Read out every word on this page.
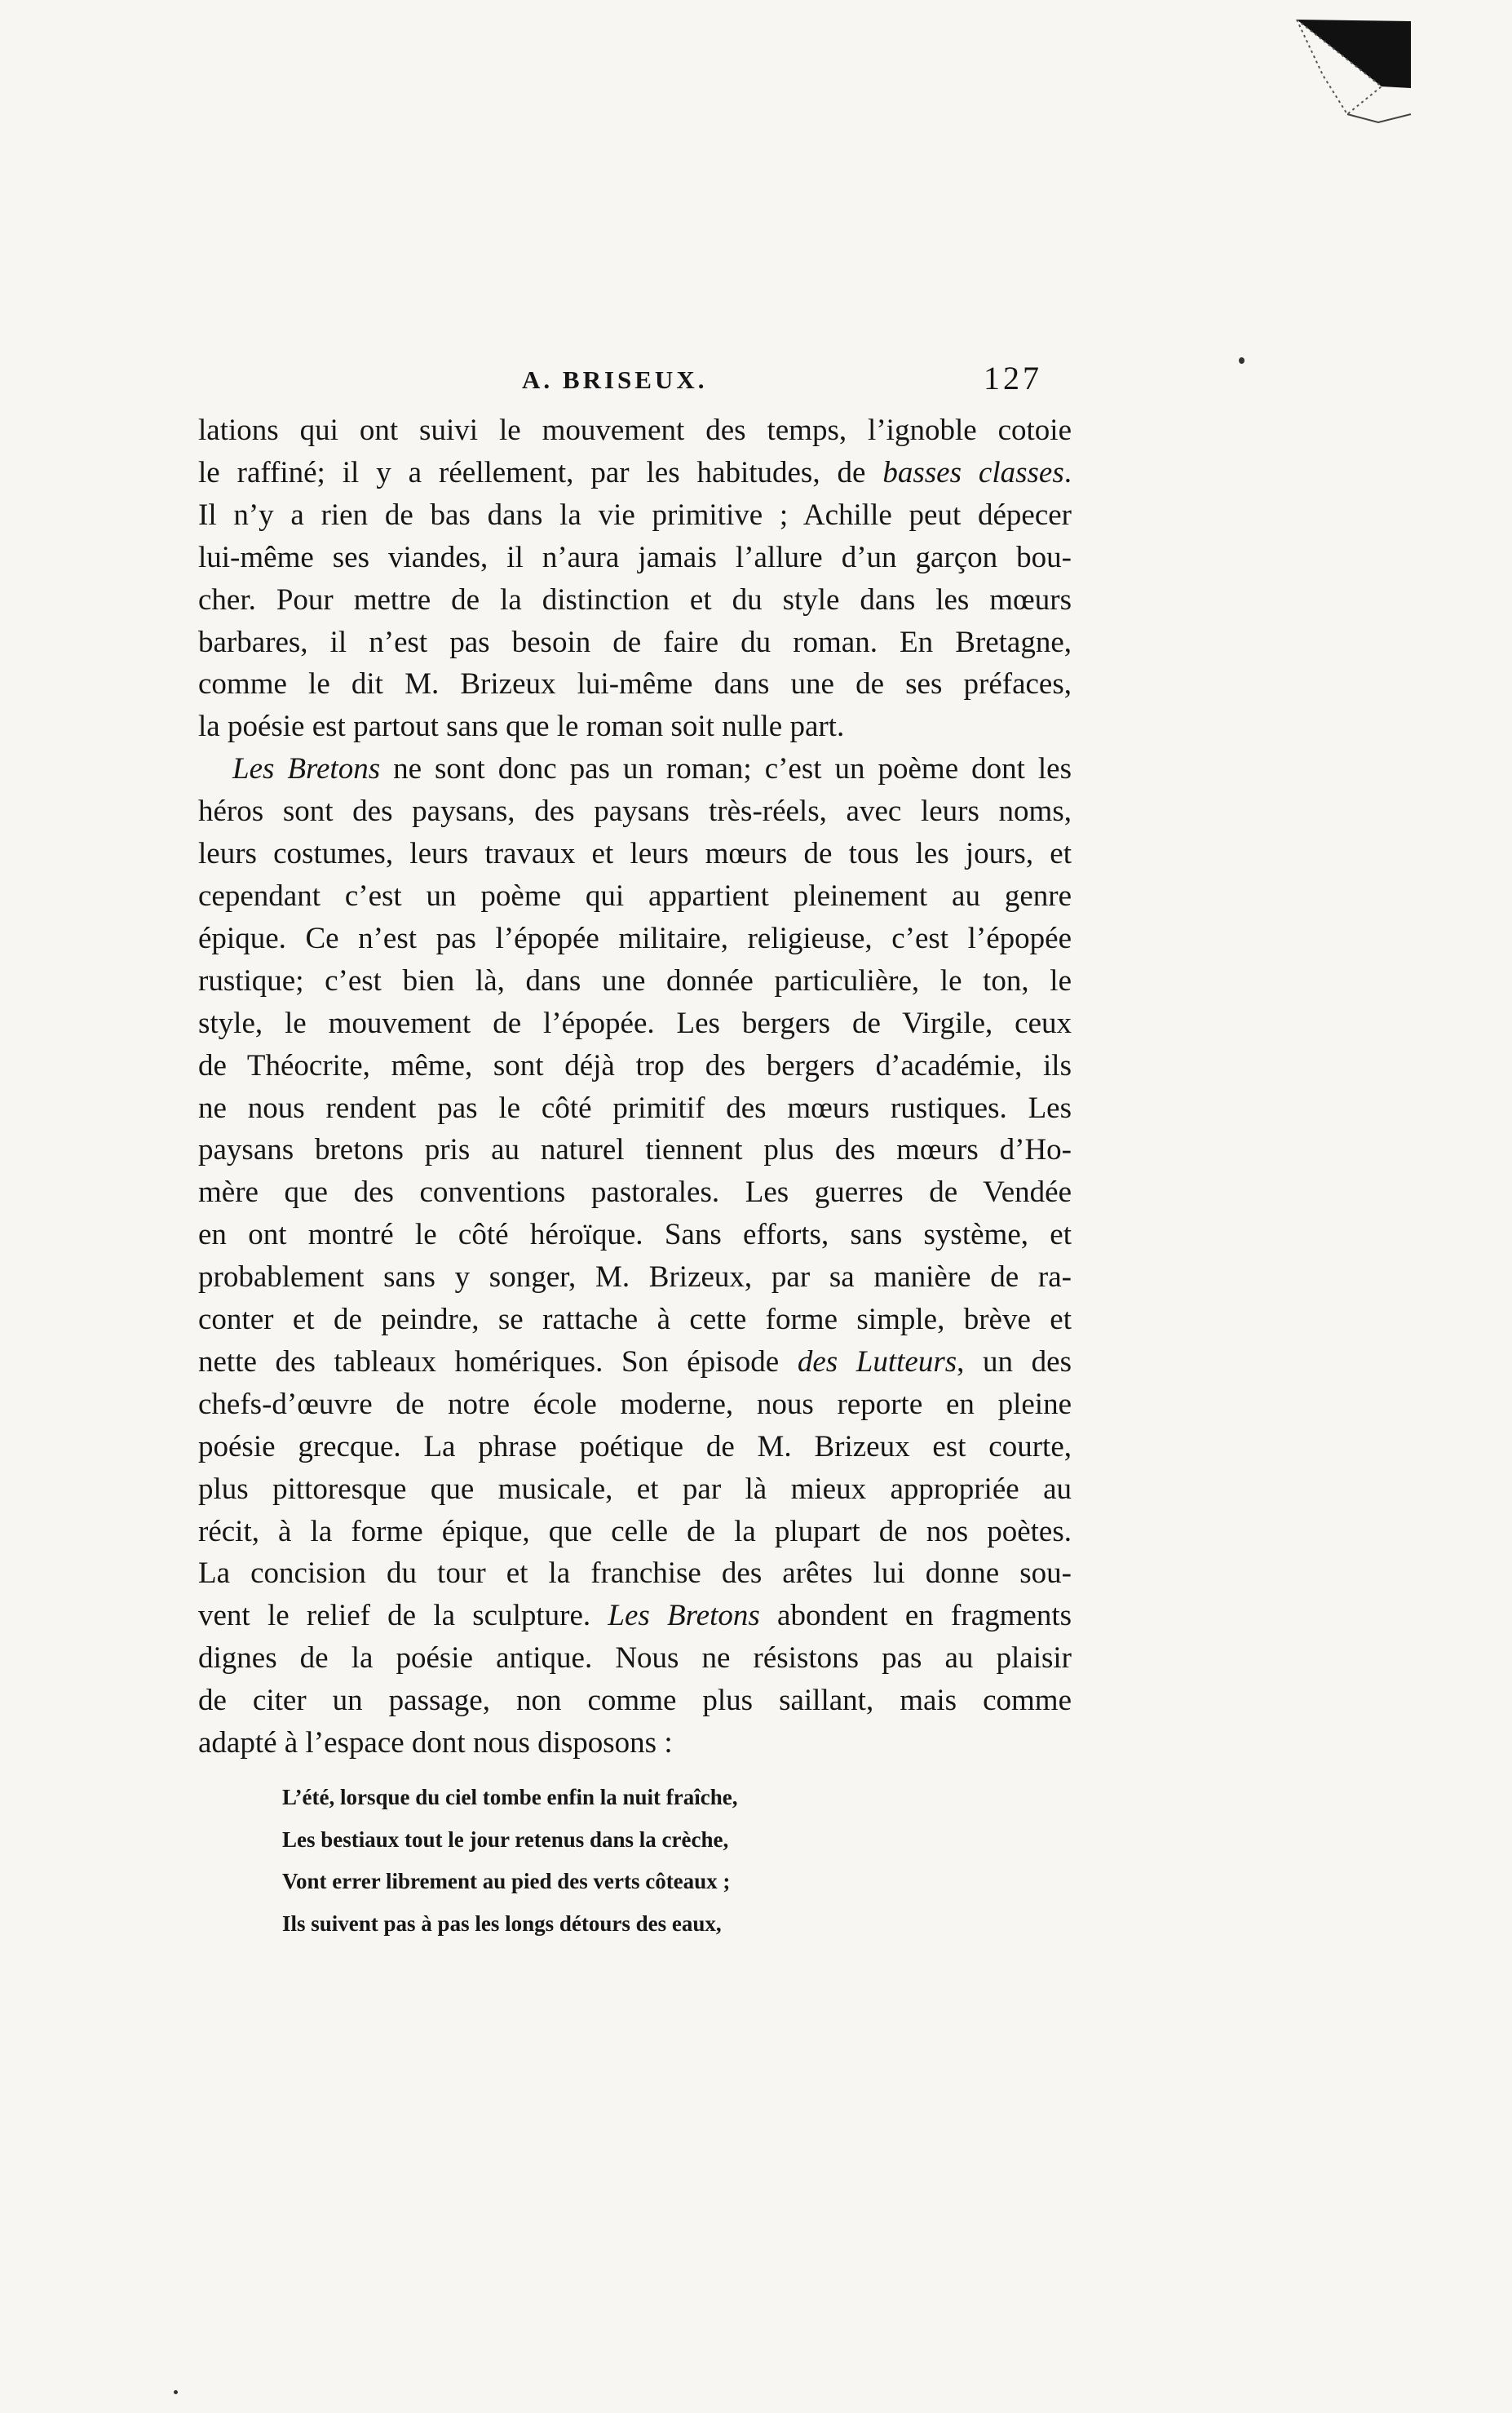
A. BRISEUX.	127
lations qui ont suivi le mouvement des temps, l’ignoble cotoie
le raffiné; il y a réellement, par les habitudes, de basses classes.
Il n’y a rien de bas dans la vie primitive ; Achille peut dépecer
lui-même ses viandes, il n’aura jamais l’allure d’un garçon bou-
cher. Pour mettre de la distinction et du style dans les mœurs
barbares, il n’est pas besoin de faire du roman. En Bretagne,
comme le dit M. Brizeux lui-même dans une de ses préfaces,
la poésie est partout sans que le roman soit nulle part.
Les Bretons ne sont donc pas un roman; c’est un poème dont les
héros sont des paysans, des paysans très-réels, avec leurs noms,
leurs costumes, leurs travaux et leurs mœurs de tous les jours, et
cependant c’est un poème qui appartient pleinement au genre
épique. Ce n’est pas l’épopée militaire, religieuse, c’est l’épopée
rustique; c’est bien là, dans une donnée particulière, le ton, le
style, le mouvement de l’épopée. Les bergers de Virgile, ceux
de Théocrite, même, sont déjà trop des bergers d’académie, ils
ne nous rendent pas le côté primitif des mœurs rustiques. Les
paysans bretons pris au naturel tiennent plus des mœurs d’Ho-
mère que des conventions pastorales. Les guerres de Vendée
en ont montré le côté héroïque. Sans efforts, sans système, et
probablement sans y songer, M. Brizeux, par sa manière de ra-
conter et de peindre, se rattache à cette forme simple, brève et
nette des tableaux homériques. Son épisode des Lutteurs, un des
chefs-d’œuvre de notre école moderne, nous reporte en pleine
poésie grecque. La phrase poétique de M. Brizeux est courte,
plus pittoresque que musicale, et par là mieux appropriée au
récit, à la forme épique, que celle de la plupart de nos poètes.
La concision du tour et la franchise des arêtes lui donne sou-
vent le relief de la sculpture. Les Bretons abondent en fragments
dignes de la poésie antique. Nous ne résistons pas au plaisir
de citer un passage, non comme plus saillant, mais comme
adapté à l’espace dont nous disposons :
L’été, lorsque du ciel tombe enfin la nuit fraîche,
Les bestiaux tout le jour retenus dans la crèche,
Vont errer librement au pied des verts côteaux ;
Ils suivent pas à pas les longs détours des eaux,
